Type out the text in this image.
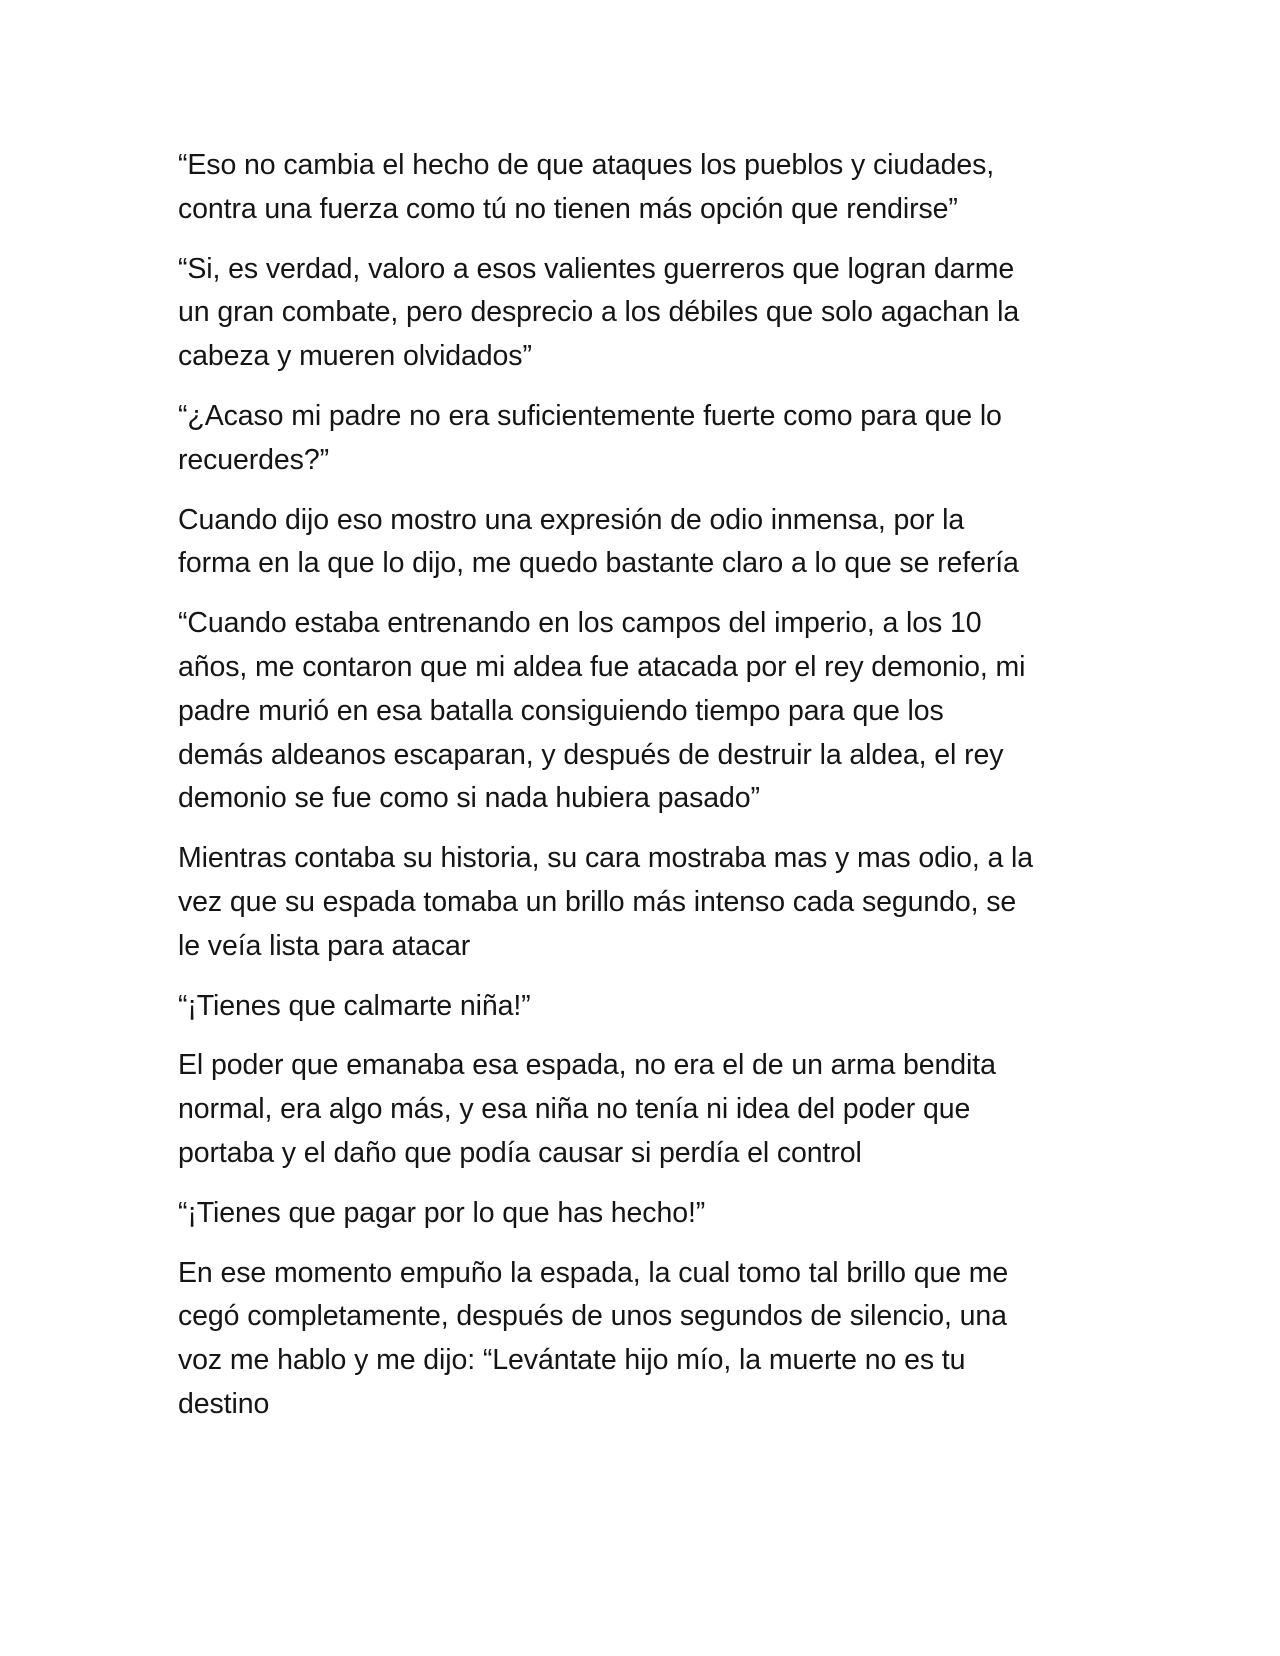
“Eso no cambia el hecho de que ataques los pueblos y ciudades,
contra una fuerza como tú no tienen más opción que rendirse”

“Si, es verdad, valoro a esos valientes guerreros que logran darme
un gran combate, pero desprecio a los débiles que solo agachan la
cabeza y mueren olvidados”

“¿Acaso mi padre no era suficientemente fuerte como para que lo
recuerdes?”

Cuando dijo eso mostro una expresión de odio inmensa, por la
forma en la que lo dijo, me quedo bastante claro a lo que se refería

“Cuando estaba entrenando en los campos del imperio, a los 10
años, me contaron que mi aldea fue atacada por el rey demonio, mi
padre murió en esa batalla consiguiendo tiempo para que los
demás aldeanos escaparan, y después de destruir la aldea, el rey
demonio se fue como si nada hubiera pasado”

Mientras contaba su historia, su cara mostraba mas y mas odio, a la
vez que su espada tomaba un brillo más intenso cada segundo, se
le veía lista para atacar

“¡Tienes que calmarte niña!”

El poder que emanaba esa espada, no era el de un arma bendita
normal, era algo más, y esa niña no tenía ni idea del poder que
portaba y el daño que podía causar si perdía el control

“¡Tienes que pagar por lo que has hecho!”

En ese momento empuño la espada, la cual tomo tal brillo que me
cegó completamente, después de unos segundos de silencio, una
voz me hablo y me dijo: “Levántate hijo mío, la muerte no es tu
destino
